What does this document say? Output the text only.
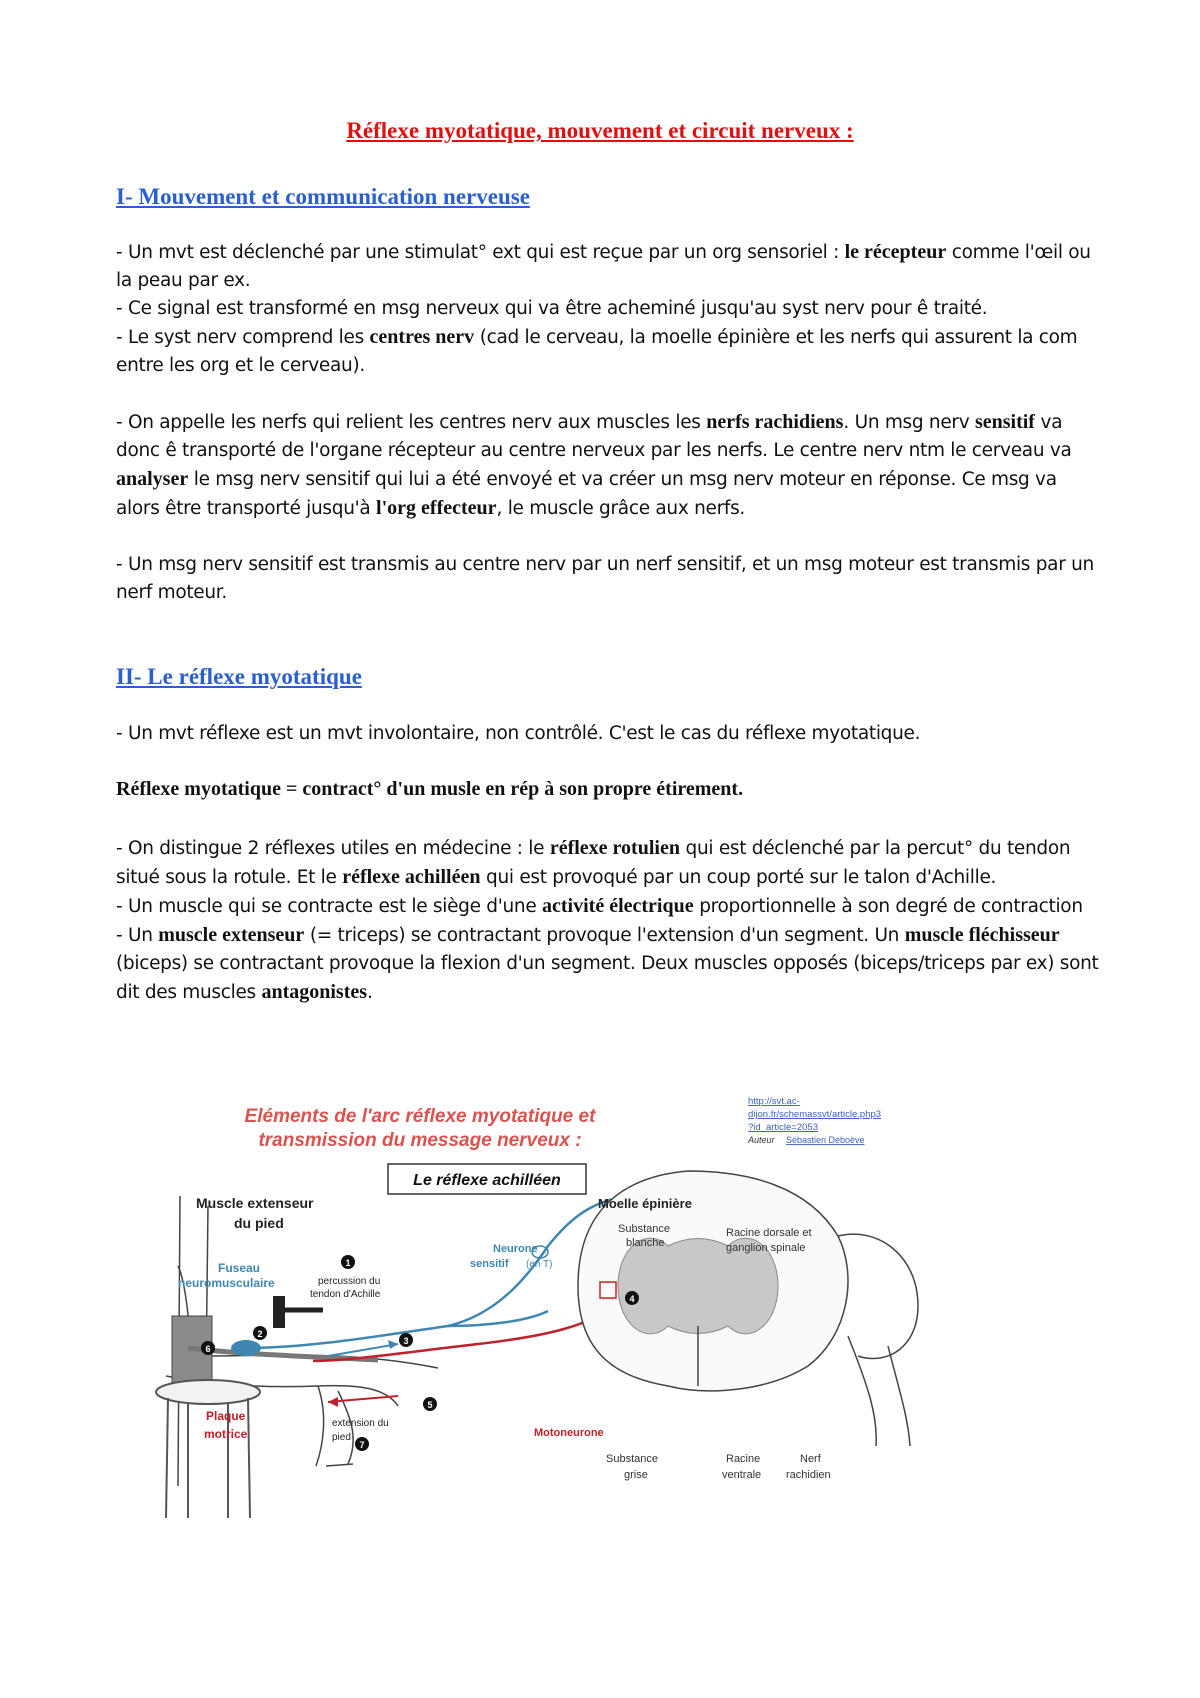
Réflexe myotatique, mouvement et circuit nerveux :
I- Mouvement et communication nerveuse

- Un mvt est déclenché par une stimulat° ext qui est reçue par un org sensoriel : le récepteur comme l'œil ou la peau par ex.

- Ce signal est transformé en msg nerveux qui va être acheminé jusqu'au syst nerv pour ê traité.

- Le syst nerv comprend les centres nerv (cad le cerveau, la moelle épinière et les nerfs qui assurent la com entre les org et le cerveau).

- On appelle les nerfs qui relient les centres nerv aux muscles les nerfs rachidiens. Un msg nerv sensitif va donc ê transporté de l'organe récepteur au centre nerveux par les nerfs. Le centre nerv ntm le cerveau va analyser le msg nerv sensitif qui lui a été envoyé et va créer un msg nerv moteur en réponse. Ce msg va alors être transporté jusqu'à l'org effecteur, le muscle grâce aux nerfs.

- Un msg nerv sensitif est transmis au centre nerv par un nerf sensitif, et un msg moteur est transmis par un nerf moteur.

II- Le réflexe myotatique

- Un mvt réflexe est un mvt involontaire, non contrôlé. C'est le cas du réflexe myotatique.

Réflexe myotatique = contract° d'un musle en rép à son propre étirement.

- On distingue 2 réflexes utiles en médecine : le réflexe rotulien qui est déclenché par la percut° du tendon situé sous la rotule. Et le réflexe achilléen qui est provoqué par un coup porté sur le talon d'Achille.

- Un muscle qui se contracte est le siège d'une activité électrique proportionnelle à son degré de contraction

- Un muscle extenseur (= triceps) se contractant provoque l'extension d'un segment. Un muscle fléchisseur (biceps) se contractant provoque la flexion d'un segment. Deux muscles opposés (biceps/triceps par ex) sont dit des muscles antagonistes.

Eléments de l'arc réflexe myotatique et
transmission du message nerveux :
Le réflexe achilléen
http://svt.ac-
dijon.fr/schemassvt/article.php3
?id_article=2053
Auteur Sébastien Deboève
1
2
3
4
5
6
7
Muscle extenseur
du pied
Fuseau
neuromusculaire	percussion du
tendon d'Achille
Neurone
sensitif (en T)
Moelle épinière
Substance
blanche
Racine dorsale et
ganglion spinale
Plaque
motrice
extension du
pied	Motoneurone
Substance
grise
Racine
ventrale
Nerf
rachidien
